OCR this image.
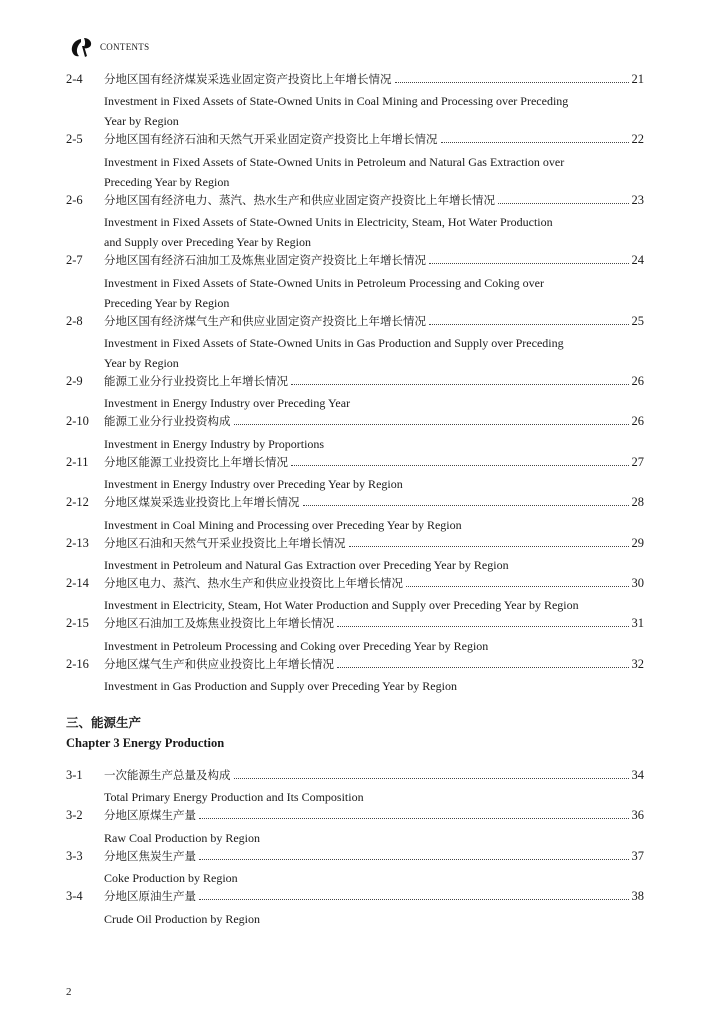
CONTENTS
2-4	分地区国有经济煤炭采选业固定资产投资比上年增长情况	21
Investment in Fixed Assets of State-Owned Units in Coal Mining and Processing over Preceding
Year by Region
2-5	分地区国有经济石油和天然气开采业固定资产投资比上年增长情况	22
Investment in Fixed Assets of State-Owned Units in Petroleum and Natural Gas Extraction over
Preceding Year by Region
2-6	分地区国有经济电力、蒸汽、热水生产和供应业固定资产投资比上年增长情况	23
Investment in Fixed Assets of State-Owned Units in Electricity, Steam, Hot Water Production
and Supply over Preceding Year by Region
2-7	分地区国有经济石油加工及炼焦业固定资产投资比上年增长情况	24
Investment in Fixed Assets of State-Owned Units in Petroleum Processing and Coking over
Preceding Year by Region
2-8	分地区国有经济煤气生产和供应业固定资产投资比上年增长情况	25
Investment in Fixed Assets of State-Owned Units in Gas Production and Supply over Preceding
Year by Region
2-9	能源工业分行业投资比上年增长情况	26
Investment in Energy Industry over Preceding Year
2-10	能源工业分行业投资构成	26
Investment in Energy Industry by Proportions
2-11	分地区能源工业投资比上年增长情况	27
Investment in Energy Industry over Preceding Year by Region
2-12	分地区煤炭采选业投资比上年增长情况	28
Investment in Coal Mining and Processing over Preceding Year by Region
2-13	分地区石油和天然气开采业投资比上年增长情况	29
Investment in Petroleum and Natural Gas Extraction over Preceding Year by Region
2-14	分地区电力、蒸汽、热水生产和供应业投资比上年增长情况	30
Investment in Electricity, Steam, Hot Water Production and Supply over Preceding Year by Region
2-15	分地区石油加工及炼焦业投资比上年增长情况	31
Investment in Petroleum Processing and Coking over Preceding Year by Region
2-16	分地区煤气生产和供应业投资比上年增长情况	32
Investment in Gas Production and Supply over Preceding Year by Region
三、能源生产
Chapter 3 Energy Production
3-1	一次能源生产总量及构成	34
Total Primary Energy Production and Its Composition
3-2	分地区原煤生产量	36
Raw Coal Production by Region
3-3	分地区焦炭生产量	37
Coke Production by Region
3-4	分地区原油生产量	38
Crude Oil Production by Region
2
